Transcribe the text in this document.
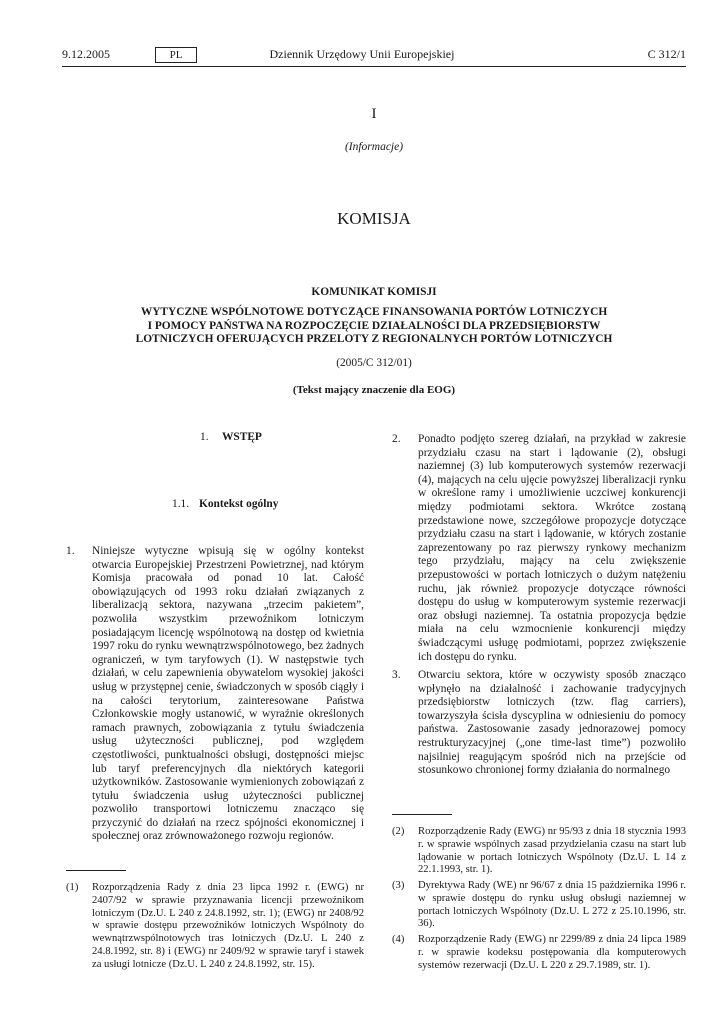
9.12.2005	PL	Dziennik Urzędowy Unii Europejskiej	C 312/1
I
(Informacje)
KOMISJA
KOMUNIKAT KOMISJI
WYTYCZNE WSPÓLNOTOWE DOTYCZĄCE FINANSOWANIA PORTÓW LOTNICZYCH
I POMOCY PAŃSTWA NA ROZPOCZĘCIE DZIAŁALNOŚCI DLA PRZEDSIĘBIORSTW
LOTNICZYCH OFERUJĄCYCH PRZELOTY Z REGIONALNYCH PORTÓW LOTNICZYCH
(2005/C 312/01)
(Tekst mający znaczenie dla EOG)
1. WSTĘP
1.1. Kontekst ogólny
1. Niniejsze wytyczne wpisują się w ogólny kontekst otwarcia Europejskiej Przestrzeni Powietrznej, nad którym Komisja pracowała od ponad 10 lat. Całość obowiązujących od 1993 roku działań związanych z liberalizacją sektora, nazywana „trzecim pakietem”, pozwoliła wszystkim przewoźnikom lotniczym posiadającym licencję wspólnotową na dostęp od kwietnia 1997 roku do rynku wewnątrzwspólnotowego, bez żadnych ograniczeń, w tym taryfowych (1). W następstwie tych działań, w celu zapewnienia obywatelom wysokiej jakości usług w przystępnej cenie, świadczonych w sposób ciągły i na całości terytorium, zainteresowane Państwa Członkowskie mogły ustanowić, w wyraźnie określonych ramach prawnych, zobowiązania z tytułu świadczenia usług użyteczności publicznej, pod względem częstotliwości, punktualności obsługi, dostępności miejsc lub taryf preferencyjnych dla niektórych kategorii użytkowników. Zastosowanie wymienionych zobowiązań z tytułu świadczenia usług użyteczności publicznej pozwoliło transportowi lotniczemu znacząco się przyczynić do działań na rzecz spójności ekonomicznej i społecznej oraz zrównoważonego rozwoju regionów.

2. Ponadto podjęto szereg działań, na przykład w zakresie przydziału czasu na start i lądowanie (2), obsługi naziemnej (3) lub komputerowych systemów rezerwacji (4), mających na celu ujęcie powyższej liberalizacji rynku w określone ramy i umożliwienie uczciwej konkurencji między podmiotami sektora. Wkrótce zostaną przedstawione nowe, szczegółowe propozycje dotyczące przydziału czasu na start i lądowanie, w których zostanie zaprezentowany po raz pierwszy rynkowy mechanizm tego przydziału, mający na celu zwiększenie przepustowości w portach lotniczych o dużym natężeniu ruchu, jak również propozycje dotyczące równości dostępu do usług w komputerowym systemie rezerwacji oraz obsługi naziemnej. Ta ostatnia propozycja będzie miała na celu wzmocnienie konkurencji między świadczącymi usługę podmiotami, poprzez zwiększenie ich dostępu do rynku.

3. Otwarciu sektora, które w oczywisty sposób znacząco wpłynęło na działalność i zachowanie tradycyjnych przedsiębiorstw lotniczych (tzw. flag carriers), towarzyszyła ścisła dyscyplina w odniesieniu do pomocy państwa. Zastosowanie zasady jednorazowej pomocy restrukturyzacyjnej („one time-last time”) pozwoliło najsilniej reagującym spośród nich na przejście od stosunkowo chronionej formy działania do normalnego

(1) Rozporządzenia Rady z dnia 23 lipca 1992 r. (EWG) nr 2407/92 w sprawie przyznawania licencji przewoźnikom lotniczym (Dz.U. L 240 z 24.8.1992, str. 1); (EWG) nr 2408/92 w sprawie dostępu przewoźników lotniczych Wspólnoty do wewnątrzwspólnotowych tras lotniczych (Dz.U. L 240 z 24.8.1992, str. 8) i (EWG) nr 2409/92 w sprawie taryf i stawek za usługi lotnicze (Dz.U. L 240 z 24.8.1992, str. 15).
(2) Rozporządzenie Rady (EWG) nr 95/93 z dnia 18 stycznia 1993 r. w sprawie wspólnych zasad przydzielania czasu na start lub lądowanie w portach lotniczych Wspólnoty (Dz.U. L 14 z 22.1.1993, str. 1).
(3) Dyrektywa Rady (WE) nr 96/67 z dnia 15 października 1996 r. w sprawie dostępu do rynku usług obsługi naziemnej w portach lotniczych Wspólnoty (Dz.U. L 272 z 25.10.1996, str. 36).
(4) Rozporządzenie Rady (EWG) nr 2299/89 z dnia 24 lipca 1989 r. w sprawie kodeksu postępowania dla komputerowych systemów rezerwacji (Dz.U. L 220 z 29.7.1989, str. 1).
